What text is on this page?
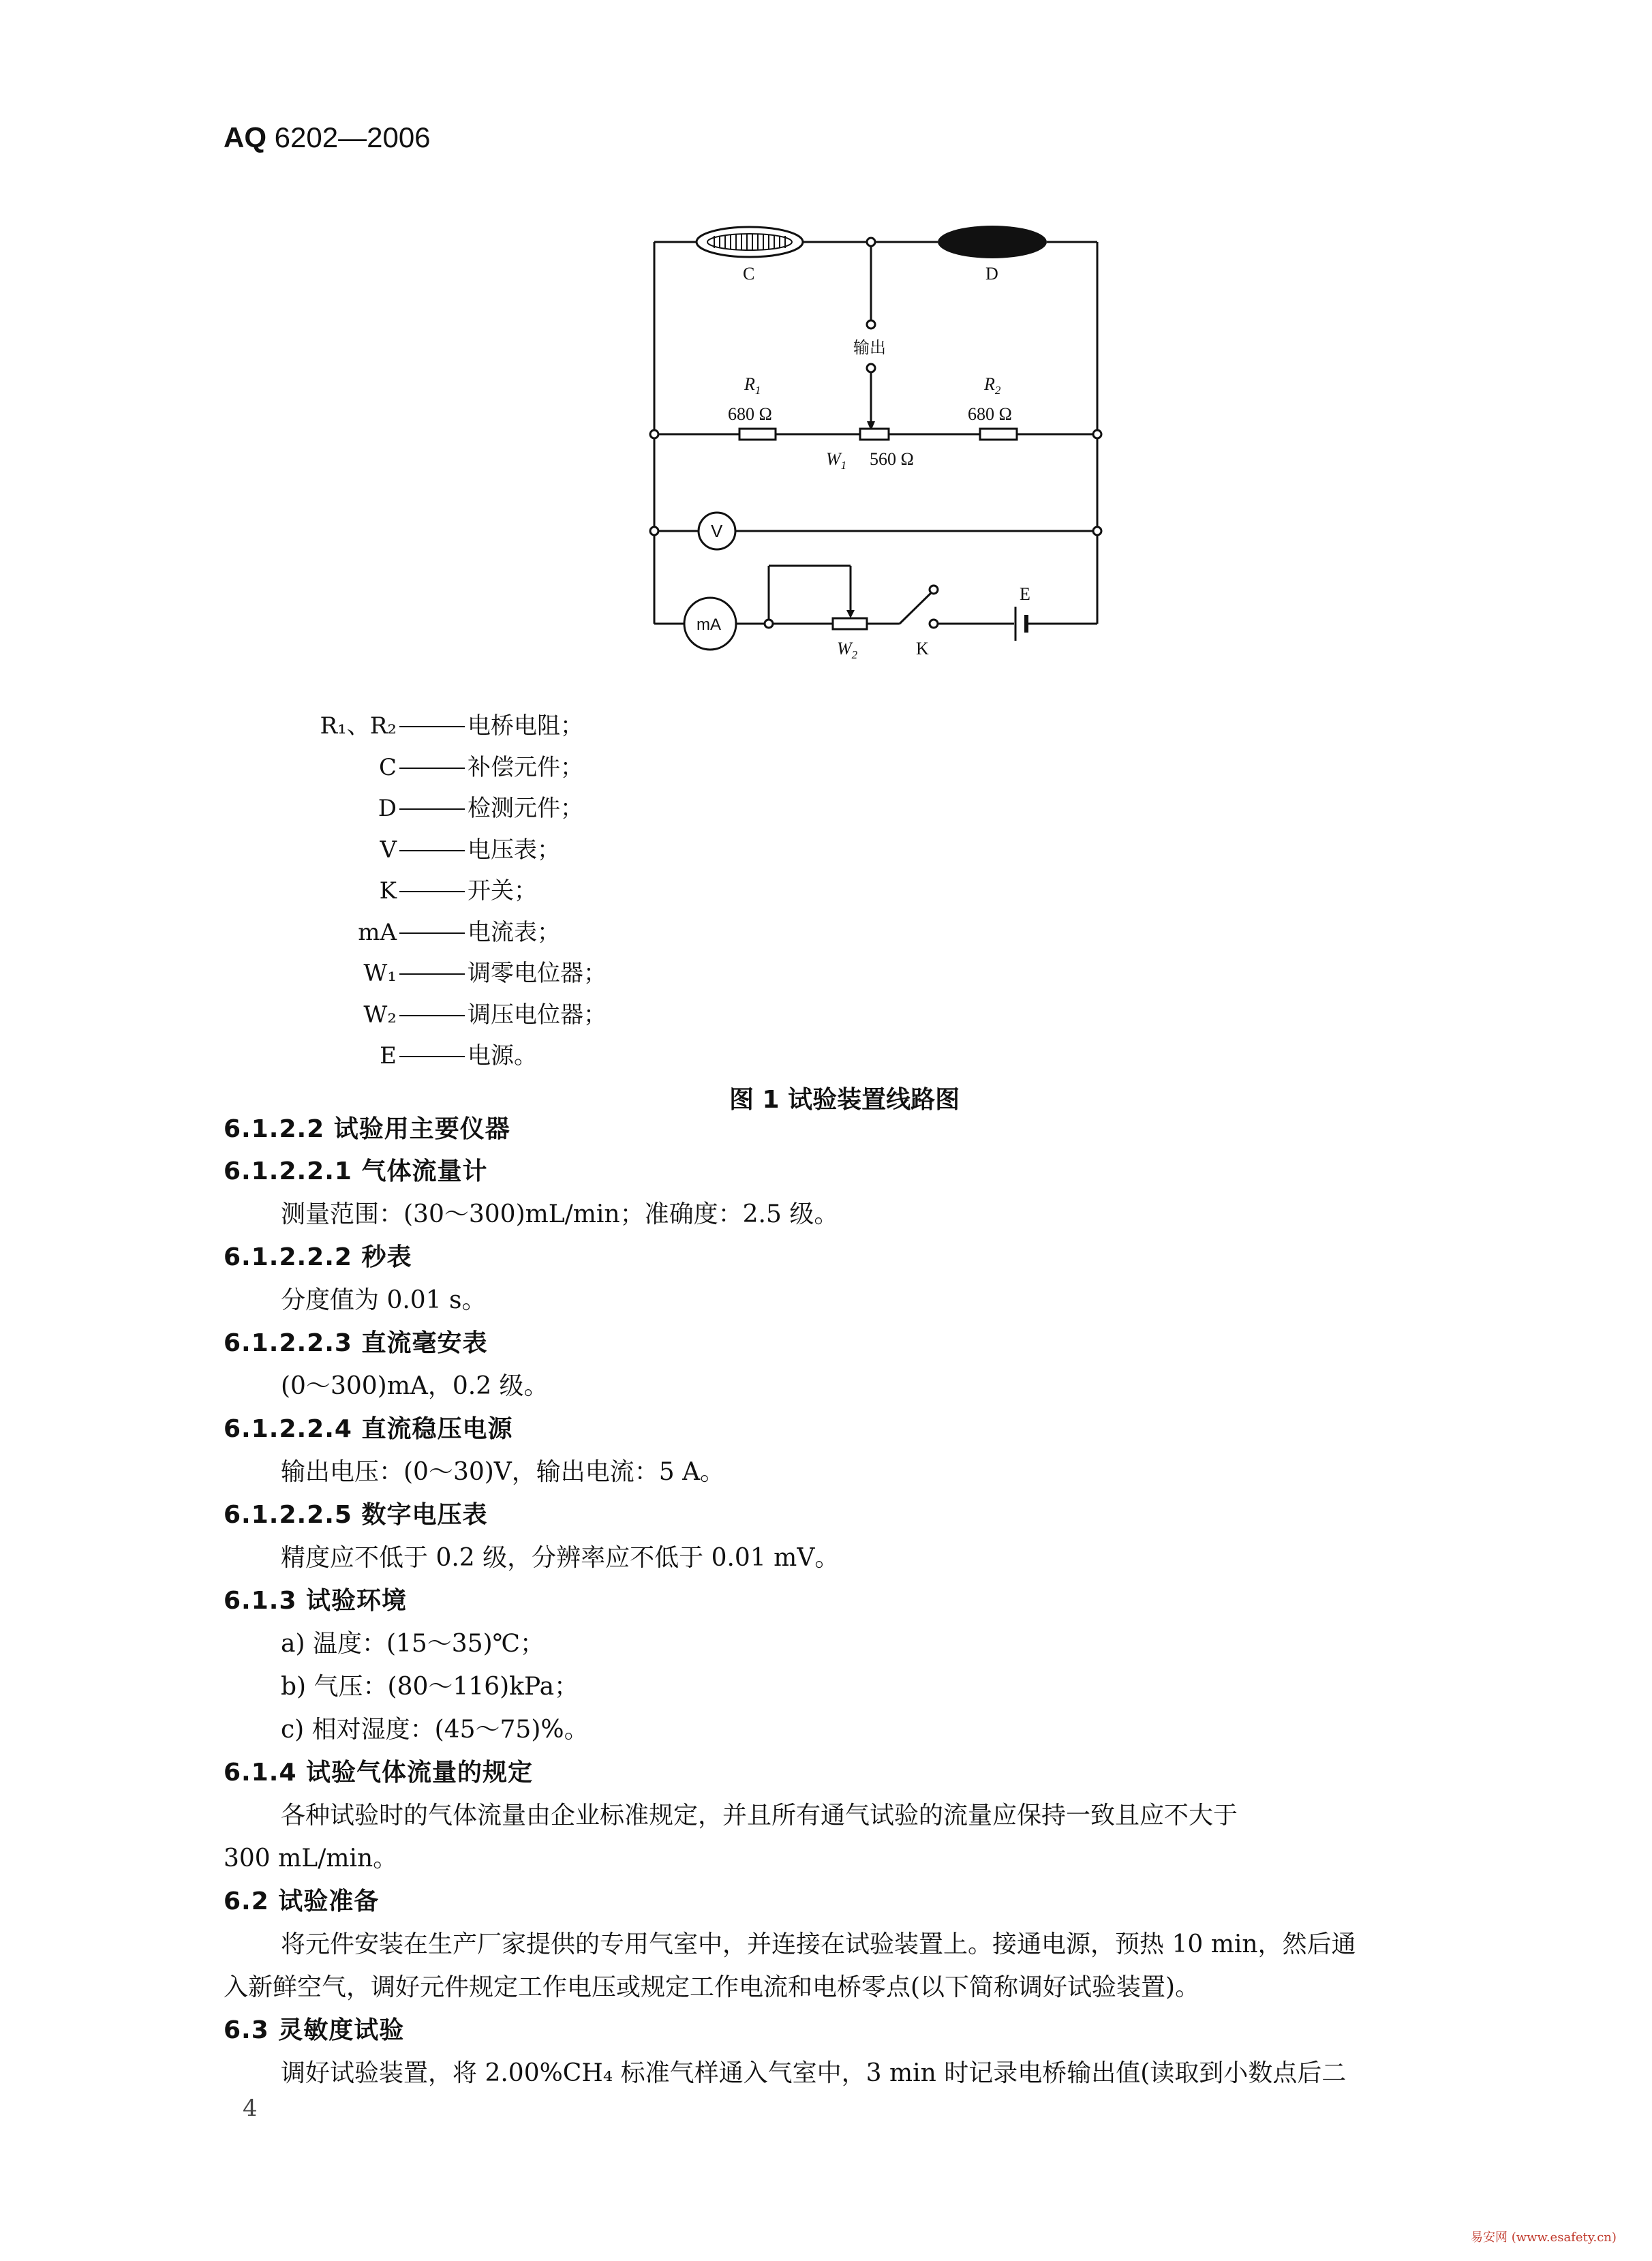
AQ 6202—2006
C	D
输出
$R_1$
680 Ω
$R_2$
680 Ω
$W_1$ 560 Ω
V
mA
$W_2$	K
E
R₁、R₂	电桥电阻；
C	补偿元件；
D	检测元件；
V	电压表；
K	开关；
mA	电流表；
W₁	调零电位器；
W₂	调压电位器；
E	电源。
图 1 试验装置线路图
6.1.2.2 试验用主要仪器
6.1.2.2.1 气体流量计
测量范围：(30～300)mL/min；准确度：2.5 级。
6.1.2.2.2 秒表
分度值为 0.01 s。
6.1.2.2.3 直流毫安表
(0～300)mA，0.2 级。
6.1.2.2.4 直流稳压电源
输出电压：(0～30)V，输出电流：5 A。
6.1.2.2.5 数字电压表
精度应不低于 0.2 级，分辨率应不低于 0.01 mV。
6.1.3 试验环境
a) 温度：(15～35)℃；
b) 气压：(80～116)kPa；
c) 相对湿度：(45～75)%。
6.1.4 试验气体流量的规定
各种试验时的气体流量由企业标准规定，并且所有通气试验的流量应保持一致且应不大于
300 mL/min。
6.2 试验准备
将元件安装在生产厂家提供的专用气室中，并连接在试验装置上。接通电源，预热 10 min，然后通
入新鲜空气，调好元件规定工作电压或规定工作电流和电桥零点(以下简称调好试验装置)。
6.3 灵敏度试验
调好试验装置，将 2.00%CH₄ 标准气样通入气室中，3 min 时记录电桥输出值(读取到小数点后二
4
易安网 (www.esafety.cn)
